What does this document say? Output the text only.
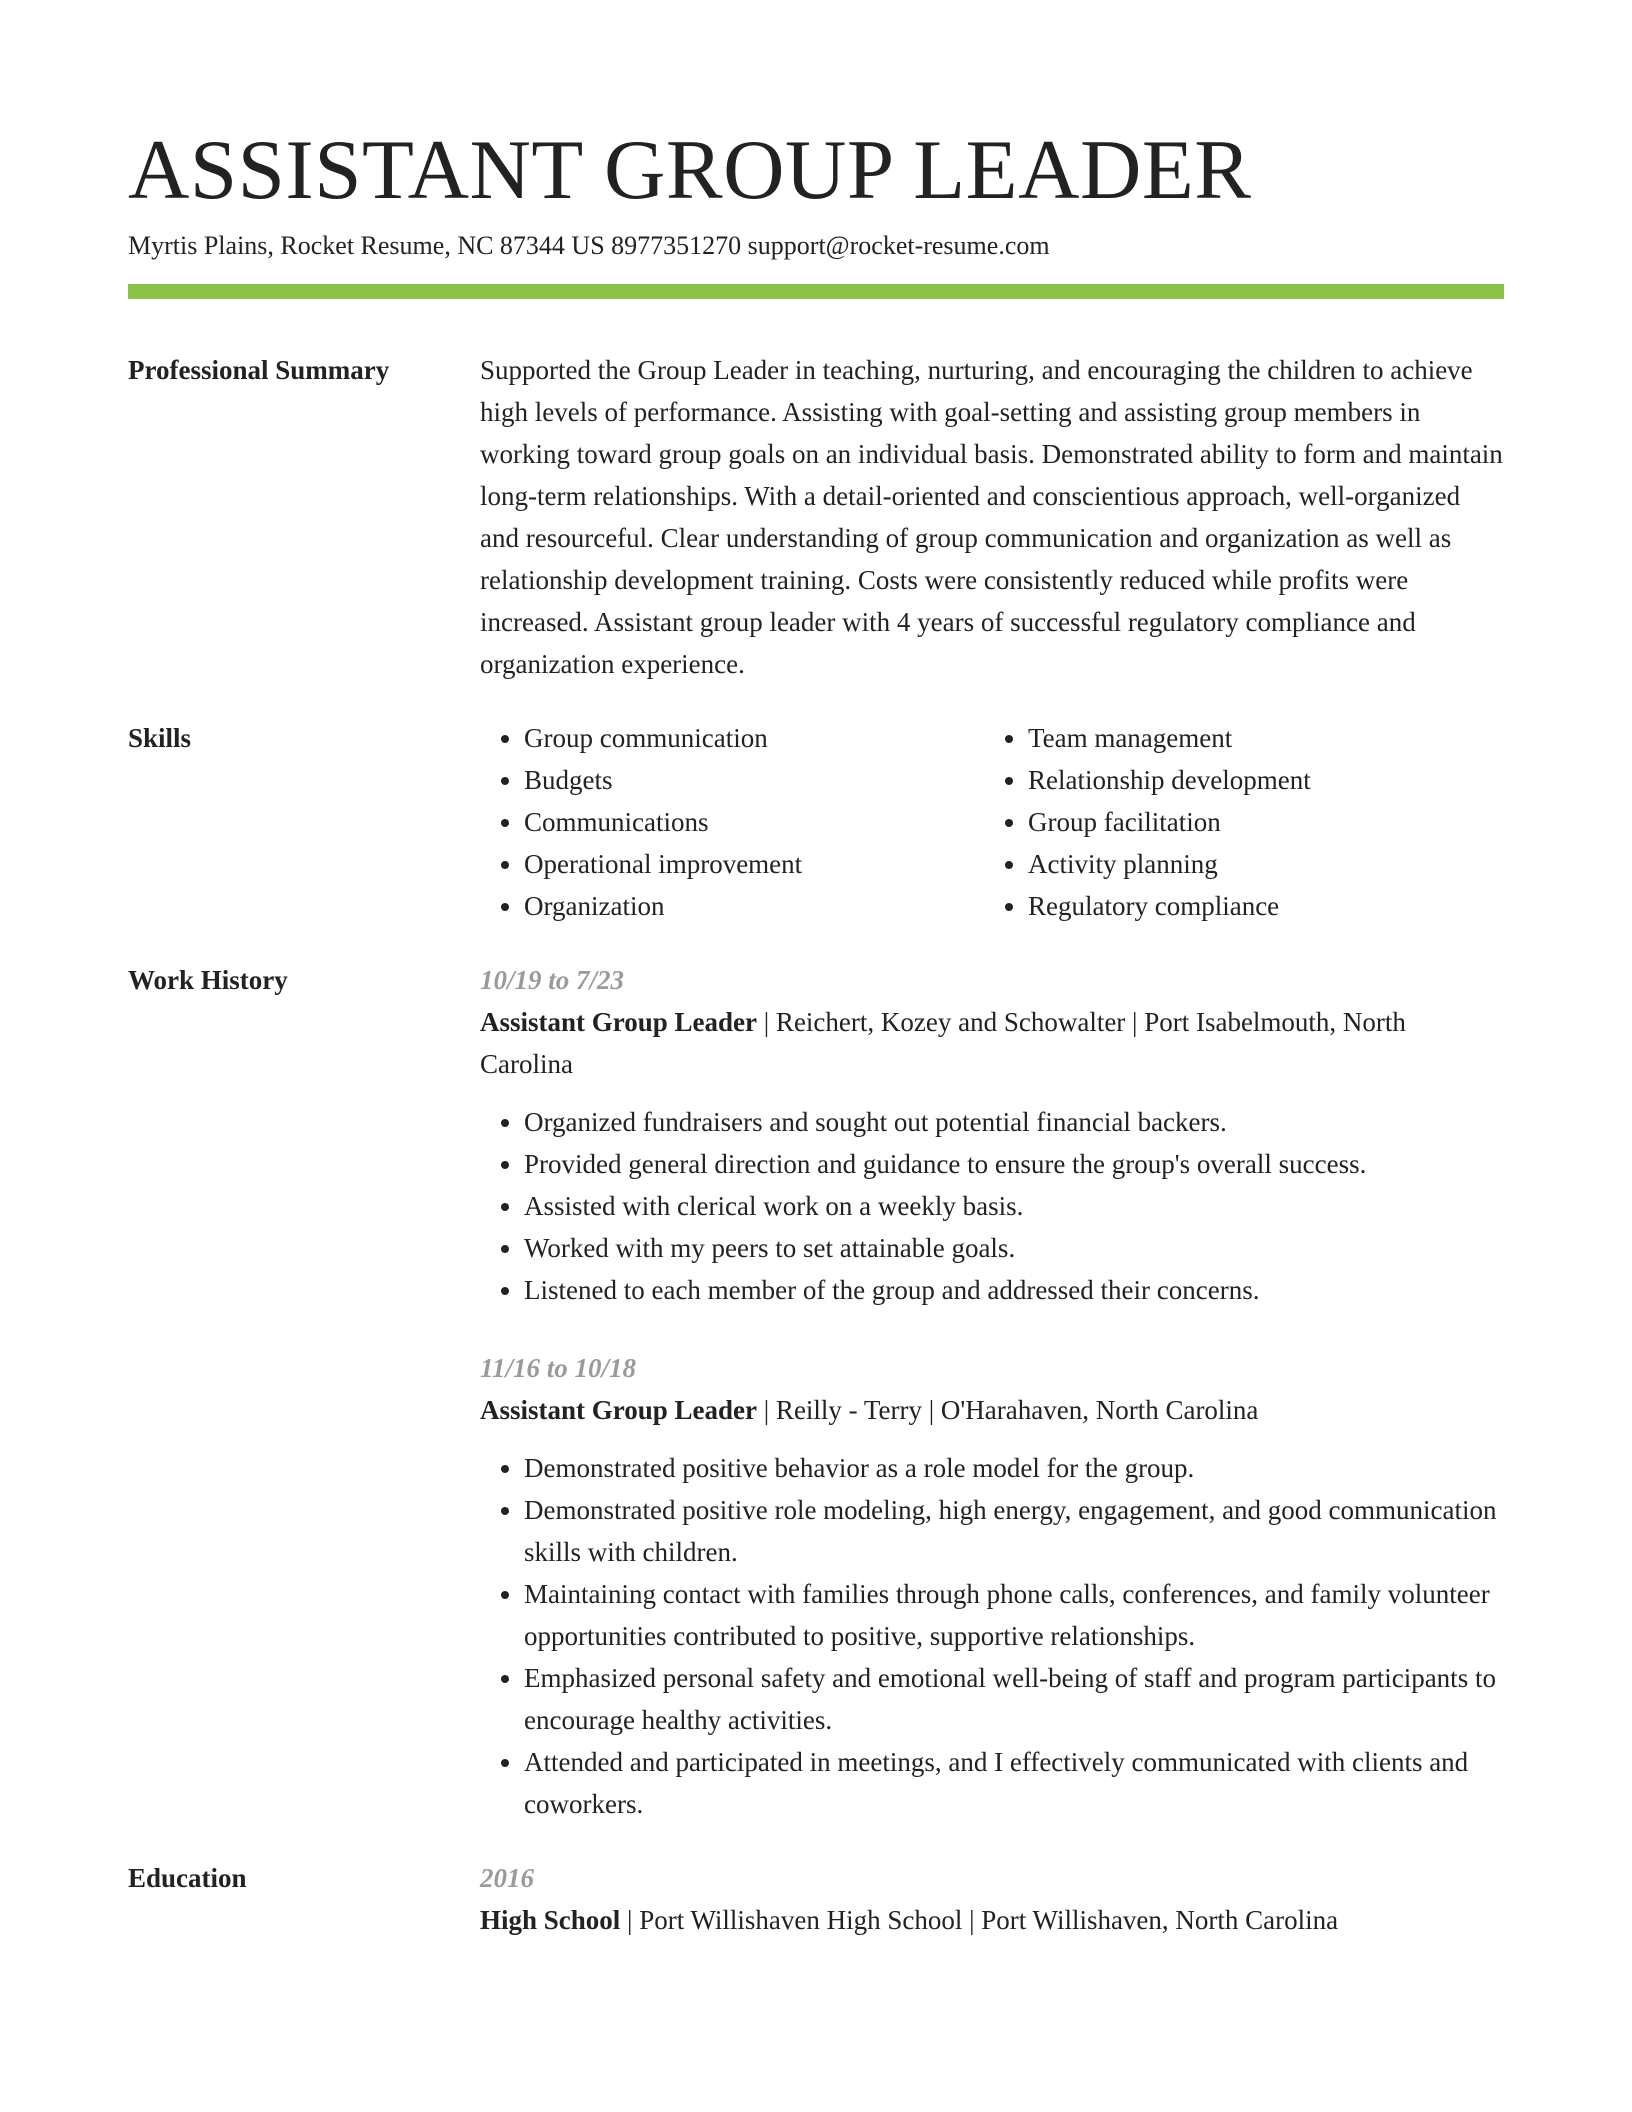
ASSISTANT GROUP LEADER
Myrtis Plains, Rocket Resume, NC 87344 US 8977351270 support@rocket-resume.com
Professional Summary	Supported the Group Leader in teaching, nurturing, and encouraging the children to achieve high levels of performance. Assisting with goal-setting and assisting group members in working toward group goals on an individual basis. Demonstrated ability to form and maintain long-term relationships. With a detail-oriented and conscientious approach, well-organized and resourceful. Clear understanding of group communication and organization as well as relationship development training. Costs were consistently reduced while profits were increased. Assistant group leader with 4 years of successful regulatory compliance and organization experience.

Skills
•	Group communication
• Budgets
• Communications
• Operational improvement
• Organization
• Team management
• Relationship development
• Group facilitation
• Activity planning
• Regulatory compliance
Work History	10/19 to 7/23
Assistant Group Leader | Reichert, Kozey and Schowalter | Port Isabelmouth, North Carolina
• Organized fundraisers and sought out potential financial backers.
• Provided general direction and guidance to ensure the group's overall success.
• Assisted with clerical work on a weekly basis.
• Worked with my peers to set attainable goals.
• Listened to each member of the group and addressed their concerns.
11/16 to 10/18
Assistant Group Leader | Reilly - Terry | O'Harahaven, North Carolina
• Demonstrated positive behavior as a role model for the group.
• Demonstrated positive role modeling, high energy, engagement, and good communication skills with children.
• Maintaining contact with families through phone calls, conferences, and family volunteer opportunities contributed to positive, supportive relationships.
• Emphasized personal safety and emotional well-being of staff and program participants to encourage healthy activities.
• Attended and participated in meetings, and I effectively communicated with clients and coworkers.
Education	2016
High School | Port Willishaven High School | Port Willishaven, North Carolina
